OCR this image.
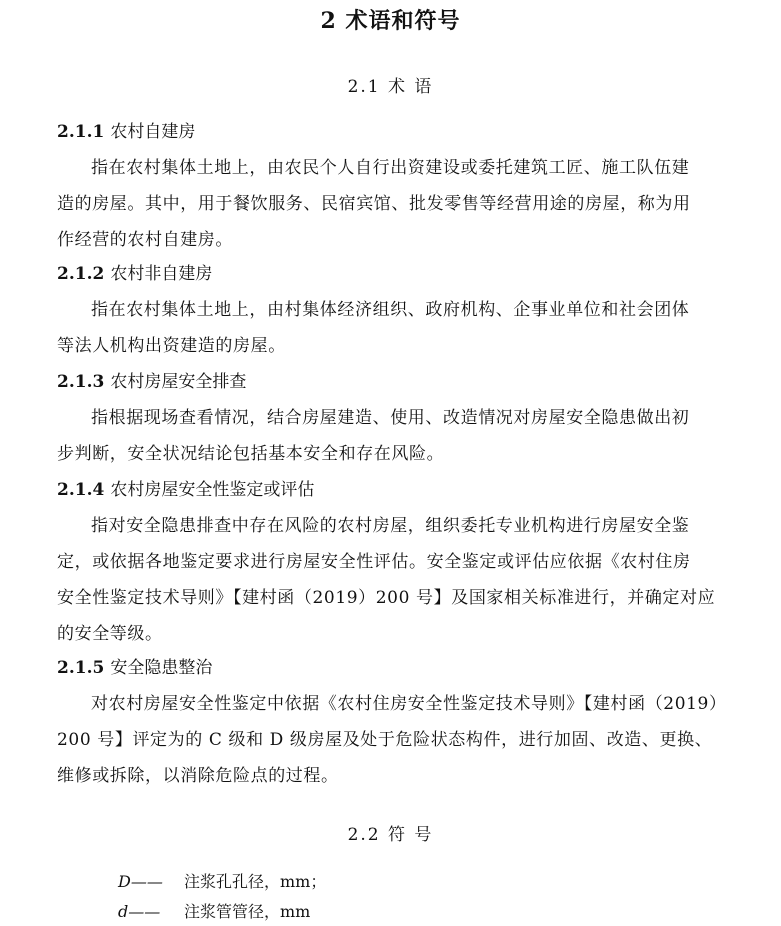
2 术语和符号
2.1 术 语
2.1.1 农村自建房
指在农村集体土地上，由农民个人自行出资建设或委托建筑工匠、施工队伍建
造的房屋。其中，用于餐饮服务、民宿宾馆、批发零售等经营用途的房屋，称为用
作经营的农村自建房。
2.1.2 农村非自建房
指在农村集体土地上，由村集体经济组织、政府机构、企事业单位和社会团体
等法人机构出资建造的房屋。
2.1.3 农村房屋安全排查
指根据现场查看情况，结合房屋建造、使用、改造情况对房屋安全隐患做出初
步判断，安全状况结论包括基本安全和存在风险。
2.1.4 农村房屋安全性鉴定或评估
指对安全隐患排查中存在风险的农村房屋，组织委托专业机构进行房屋安全鉴
定，或依据各地鉴定要求进行房屋安全性评估。安全鉴定或评估应依据《农村住房
安全性鉴定技术导则》【建村函（2019）200 号】及国家相关标准进行，并确定对应
的安全等级。
2.1.5 安全隐患整治
对农村房屋安全性鉴定中依据《农村住房安全性鉴定技术导则》【建村函（2019）
200 号】评定为的 C 级和 D 级房屋及处于危险状态构件，进行加固、改造、更换、
维修或拆除，以消除危险点的过程。
2.2 符 号
D—— 注浆孔孔径，mm；
d—— 注浆管管径，mm
